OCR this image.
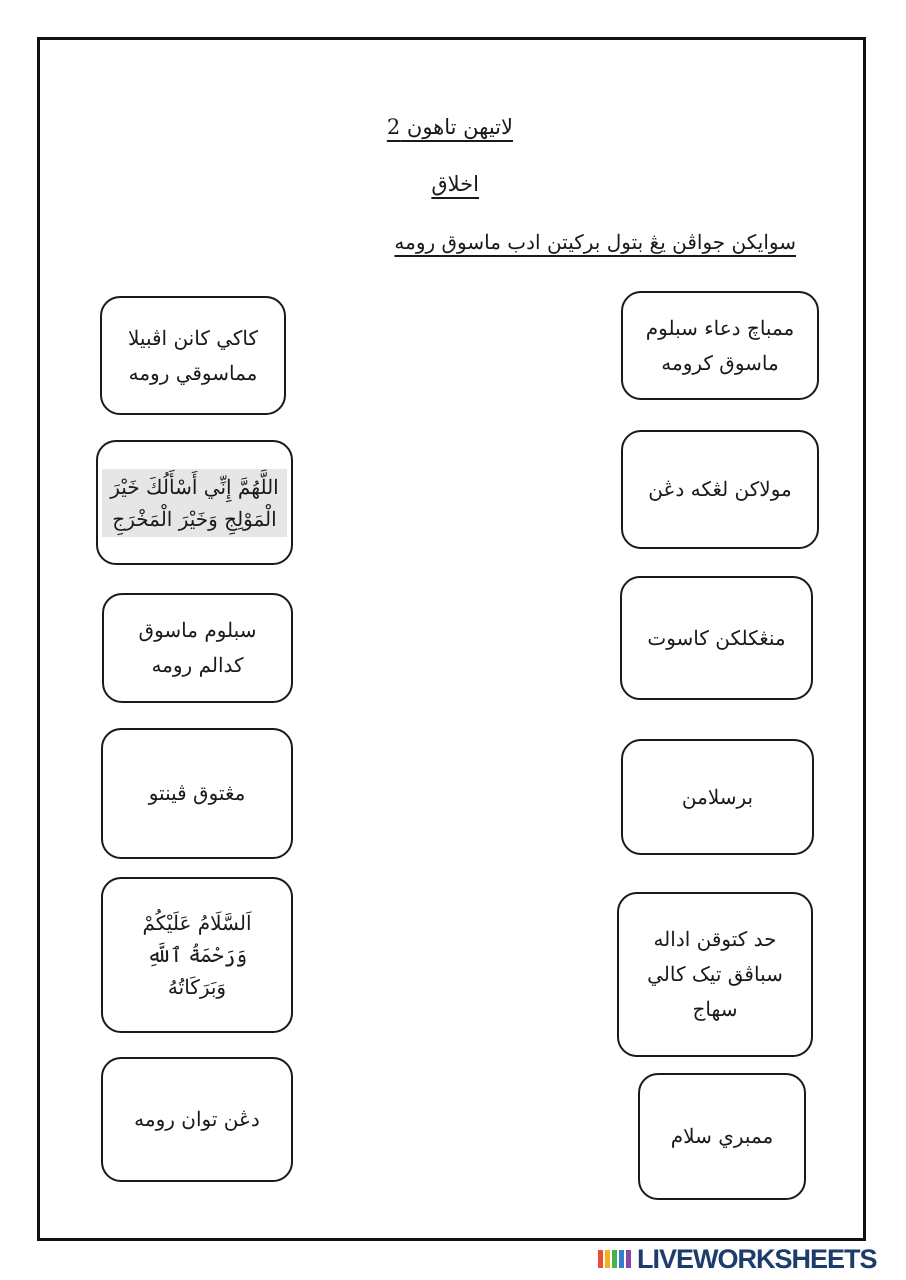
لاتيهن تاهون 2
اخلاق
سوايكن جواڤن يڠ بتول برکيتن ادب ماسوق رومه
كاكي كانن اڤبيلا
مماسوقي رومه
اللَّهُمَّ إِنِّي أَسْأَلُكَ خَيْرَ
الْمَوْلِجِ وَخَيْرَ الْمَخْرَجِ
سبلوم ماسوق
كدالم رومه
مڠتوق ڤينتو
اَلسَّلَامُ عَلَيْكُمْ
وَرَحْمَةُ ٱللَّهِ
وَبَرَكَاتُهُ
دڠن توان رومه
ممباچ دعاء سبلوم
ماسوق کرومه
مولاکن لڠکه دڠن
منڠکلکن کاسوت
برسلامن
حد کتوقن اداله
سباڤق تيک کالي
سهاج
ممبري سلام
LIVEWORKSHEETS
